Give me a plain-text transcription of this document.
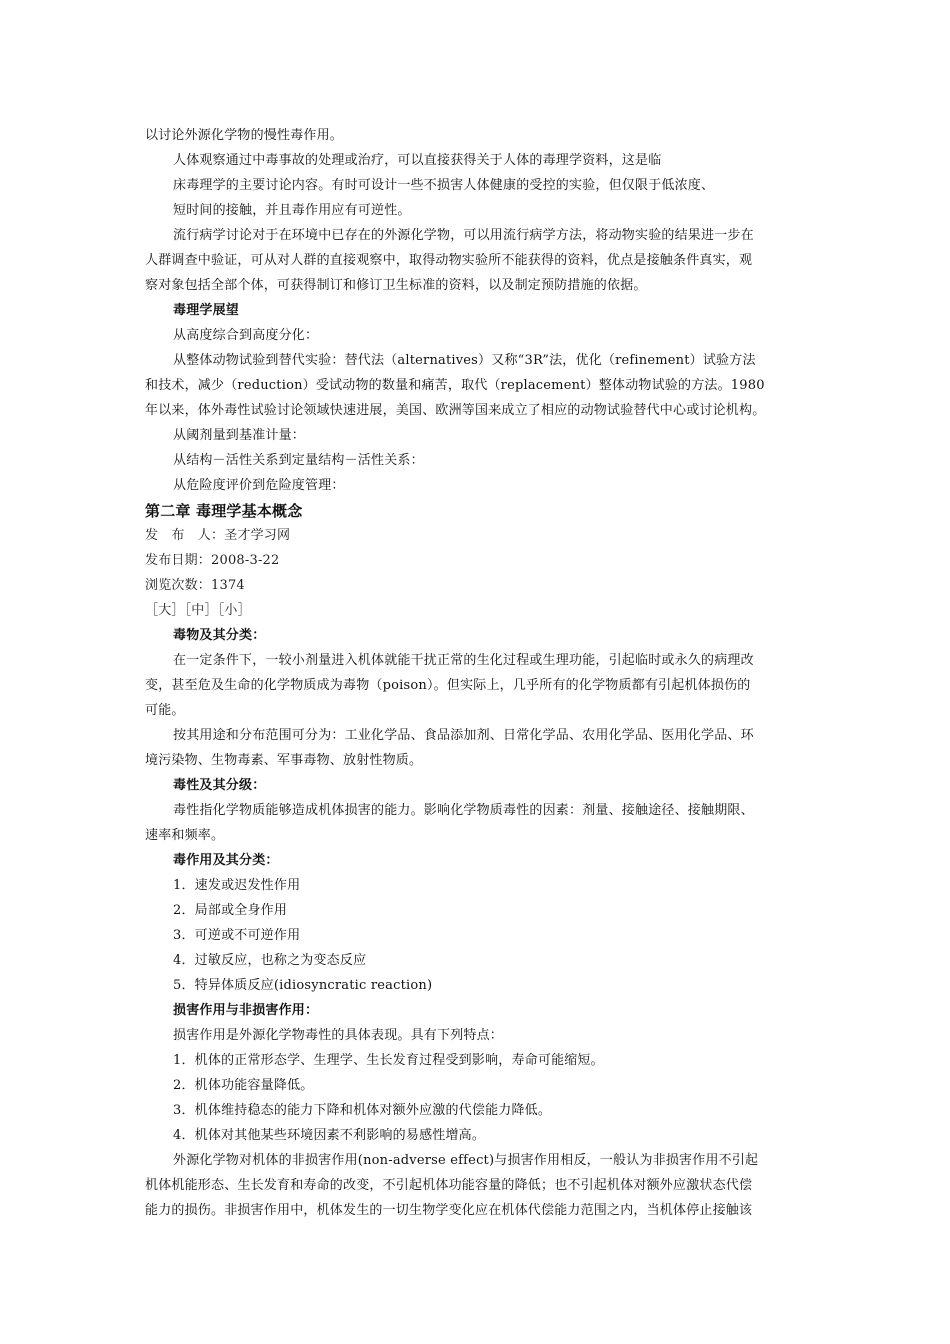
以讨论外源化学物的慢性毒作用。
人体观察通过中毒事故的处理或治疗，可以直接获得关于人体的毒理学资料，这是临
床毒理学的主要讨论内容。有时可设计一些不损害人体健康的受控的实验，但仅限于低浓度、
短时间的接触，并且毒作用应有可逆性。
流行病学讨论对于在环境中已存在的外源化学物，可以用流行病学方法，将动物实验的结果进一步在
人群调查中验证，可从对人群的直接观察中，取得动物实验所不能获得的资料，优点是接触条件真实，观
察对象包括全部个体，可获得制订和修订卫生标准的资料，以及制定预防措施的依据。
毒理学展望
从高度综合到高度分化：
从整体动物试验到替代实验：替代法（alternatives）又称“3R”法，优化（refinement）试验方法
和技术，减少（reduction）受试动物的数量和痛苦，取代（replacement）整体动物试验的方法。1980
年以来，体外毒性试验讨论领域快速进展，美国、欧洲等国来成立了相应的动物试验替代中心或讨论机构。
从阈剂量到基准计量：
从结构－活性关系到定量结构－活性关系：
从危险度评价到危险度管理：
第二章 毒理学基本概念
发　布　人：圣才学习网
发布日期：2008-3-22
浏览次数：1374
［大］［中］［小］
毒物及其分类：
在一定条件下，一较小剂量进入机体就能干扰正常的生化过程或生理功能，引起临时或永久的病理改
变，甚至危及生命的化学物质成为毒物（poison）。但实际上，几乎所有的化学物质都有引起机体损伤的
可能。
按其用途和分布范围可分为：工业化学品、食品添加剂、日常化学品、农用化学品、医用化学品、环
境污染物、生物毒素、军事毒物、放射性物质。
毒性及其分级：
毒性指化学物质能够造成机体损害的能力。影响化学物质毒性的因素：剂量、接触途径、接触期限、
速率和频率。
毒作用及其分类：
1．速发或迟发性作用
2．局部或全身作用
3．可逆或不可逆作用
4．过敏反应，也称之为变态反应
5．特异体质反应(idiosyncratic reaction)
损害作用与非损害作用：
损害作用是外源化学物毒性的具体表现。具有下列特点：
1．机体的正常形态学、生理学、生长发育过程受到影响，寿命可能缩短。
2．机体功能容量降低。
3．机体维持稳态的能力下降和机体对额外应激的代偿能力降低。
4．机体对其他某些环境因素不利影响的易感性增高。
外源化学物对机体的非损害作用(non-adverse effect)与损害作用相反，一般认为非损害作用不引起
机体机能形态、生长发育和寿命的改变，不引起机体功能容量的降低；也不引起机体对额外应激状态代偿
能力的损伤。非损害作用中，机体发生的一切生物学变化应在机体代偿能力范围之内，当机体停止接触该
